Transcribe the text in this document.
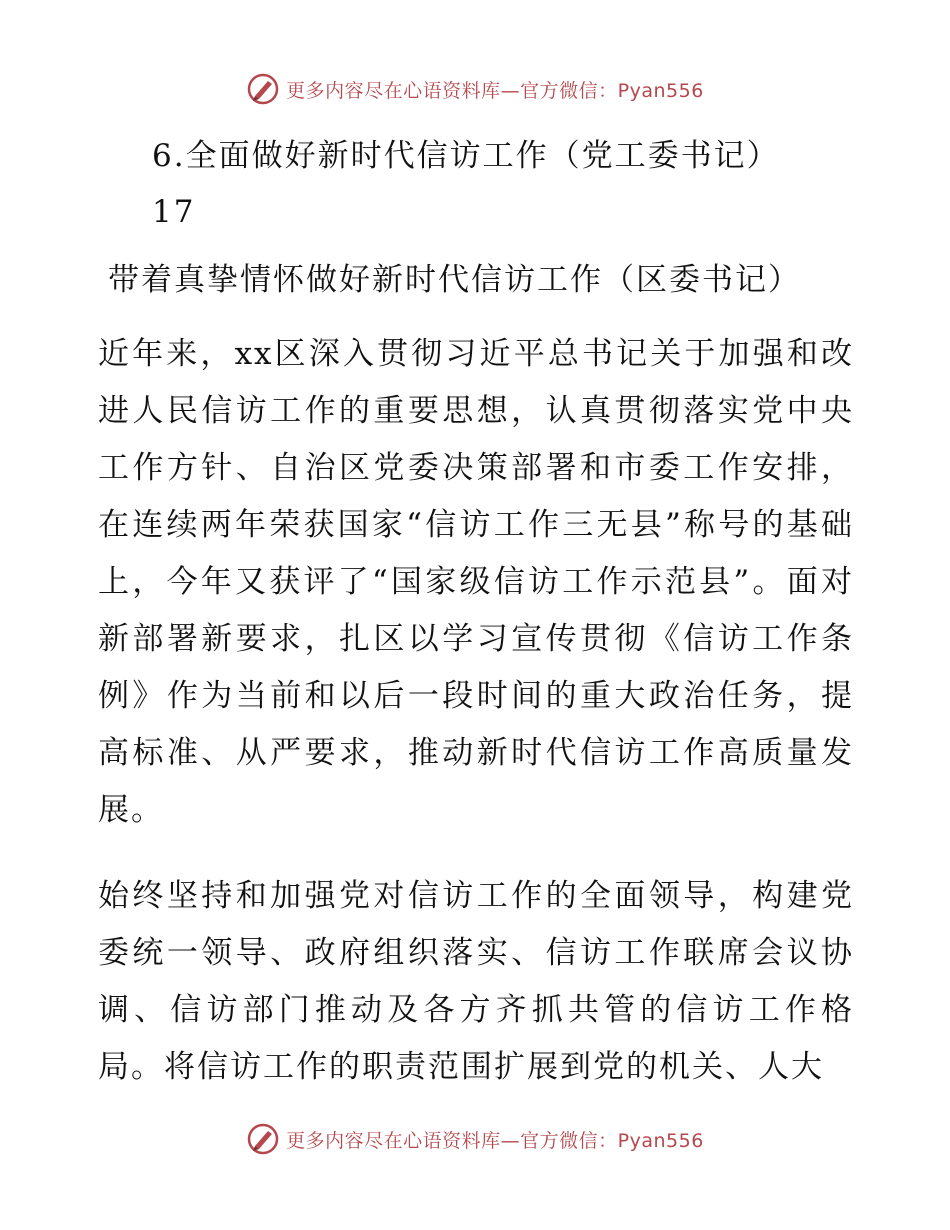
更多内容尽在心语资料库—官方微信：Pyan556
6.全面做好新时代信访工作（党工委书记）
17
带着真挚情怀做好新时代信访工作（区委书记）

近年来，xx区深入贯彻习近平总书记关于加强和改进人民信访工作的重要思想，认真贯彻落实党中央工作方针、自治区党委决策部署和市委工作安排，在连续两年荣获国家“信访工作三无县”称号的基础上，今年又获评了“国家级信访工作示范县”。面对新部署新要求，扎区以学习宣传贯彻《信访工作条例》作为当前和以后一段时间的重大政治任务，提高标准、从严要求，推动新时代信访工作高质量发展。

始终坚持和加强党对信访工作的全面领导，构建党委统一领导、政府组织落实、信访工作联席会议协调、信访部门推动及各方齐抓共管的信访工作格局。将信访工作的职责范围扩展到党的机关、人大

更多内容尽在心语资料库—官方微信：Pyan556
